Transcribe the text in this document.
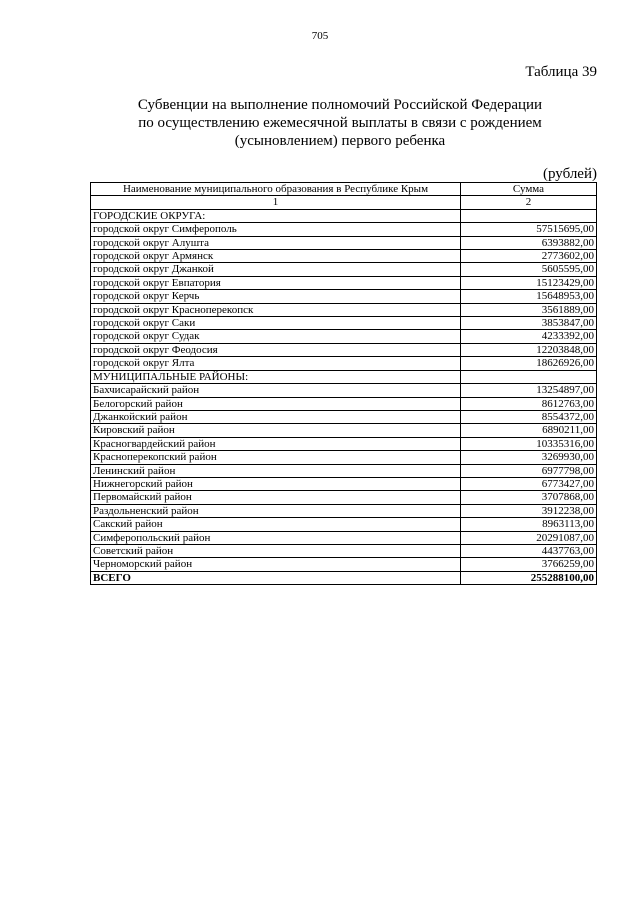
705
Таблица 39
Субвенции на выполнение полномочий Российской Федерации
по осуществлению ежемесячной выплаты в связи с рождением
(усыновлением) первого ребенка
(рублей)
Наименование муниципального образования в Республике Крым	Сумма
1	2
ГОРОДСКИЕ ОКРУГА:	
городской округ Симферополь	57515695,00
городской округ Алушта	6393882,00
городской округ Армянск	2773602,00
городской округ Джанкой	5605595,00
городской округ Евпатория	15123429,00
городской округ Керчь	15648953,00
городской округ Красноперекопск	3561889,00
городской округ Саки	3853847,00
городской округ Судак	4233392,00
городской округ Феодосия	12203848,00
городской округ Ялта	18626926,00
МУНИЦИПАЛЬНЫЕ РАЙОНЫ:	
Бахчисарайский район	13254897,00
Белогорский район	8612763,00
Джанкойский район	8554372,00
Кировский район	6890211,00
Красногвардейский район	10335316,00
Красноперекопский район	3269930,00
Ленинский район	6977798,00
Нижнегорский район	6773427,00
Первомайский район	3707868,00
Раздольненский район	3912238,00
Сакский район	8963113,00
Симферопольский район	20291087,00
Советский район	4437763,00
Черноморский район	3766259,00
ВСЕГО	255288100,00
